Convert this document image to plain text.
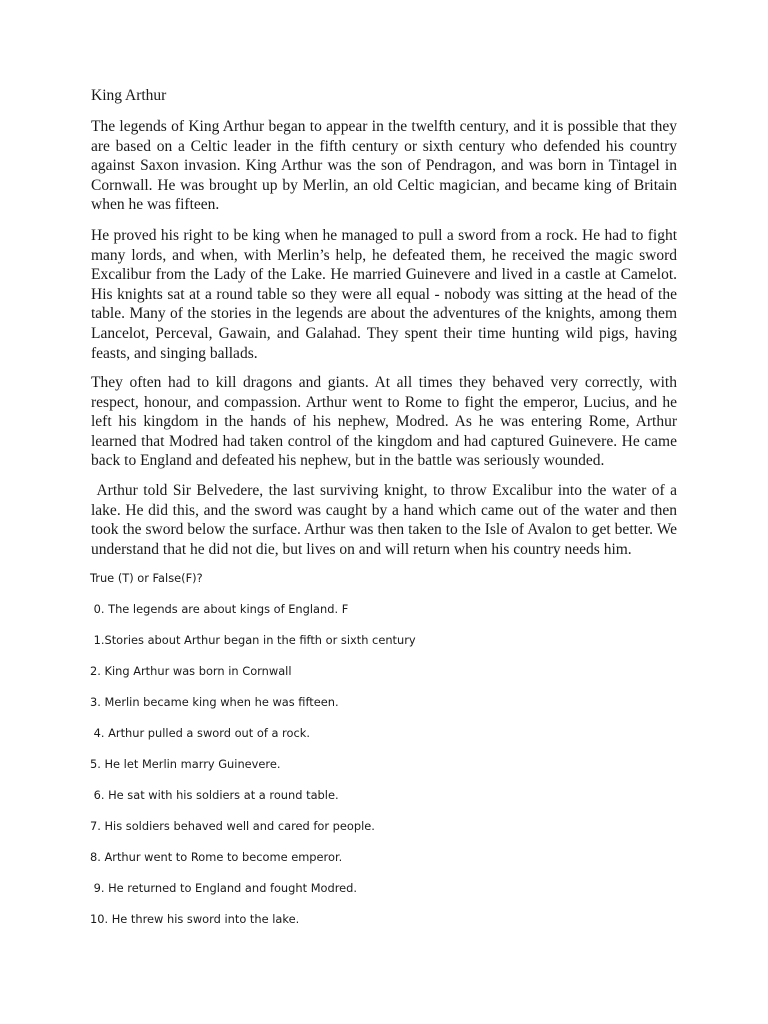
King Arthur

The legends of King Arthur began to appear in the twelfth century, and it is possible that they are based on a Celtic leader in the fifth century or sixth century who defended his country against Saxon invasion. King Arthur was the son of Pendragon, and was born in Tintagel in Cornwall. He was brought up by Merlin, an old Celtic magician, and became king of Britain when he was fifteen.

He proved his right to be king when he managed to pull a sword from a rock. He had to fight many lords, and when, with Merlin’s help, he defeated them, he received the magic sword Excalibur from the Lady of the Lake. He married Guinevere and lived in a castle at Camelot. His knights sat at a round table so they were all equal - nobody was sitting at the head of the table. Many of the stories in the legends are about the adventures of the knights, among them Lancelot, Perceval, Gawain, and Galahad. They spent their time hunting wild pigs, having feasts, and singing ballads.

They often had to kill dragons and giants. At all times they behaved very correctly, with respect, honour, and compassion. Arthur went to Rome to fight the emperor, Lucius, and he left his kingdom in the hands of his nephew, Modred. As he was entering Rome, Arthur learned that Modred had taken control of the kingdom and had captured Guinevere. He came back to England and defeated his nephew, but in the battle was seriously wounded.

Arthur told Sir Belvedere, the last surviving knight, to throw Excalibur into the water of a lake. He did this, and the sword was caught by a hand which came out of the water and then took the sword below the surface. Arthur was then taken to the Isle of Avalon to get better. We understand that he did not die, but lives on and will return when his country needs him.

True (T) or False(F)?

0. The legends are about kings of England. F

1.Stories about Arthur began in the fifth or sixth century

2. King Arthur was born in Cornwall

3. Merlin became king when he was fifteen.

4. Arthur pulled a sword out of a rock.

5. He let Merlin marry Guinevere.

6. He sat with his soldiers at a round table.

7. His soldiers behaved well and cared for people.

8. Arthur went to Rome to become emperor.

9. He returned to England and fought Modred.

10. He threw his sword into the lake.
